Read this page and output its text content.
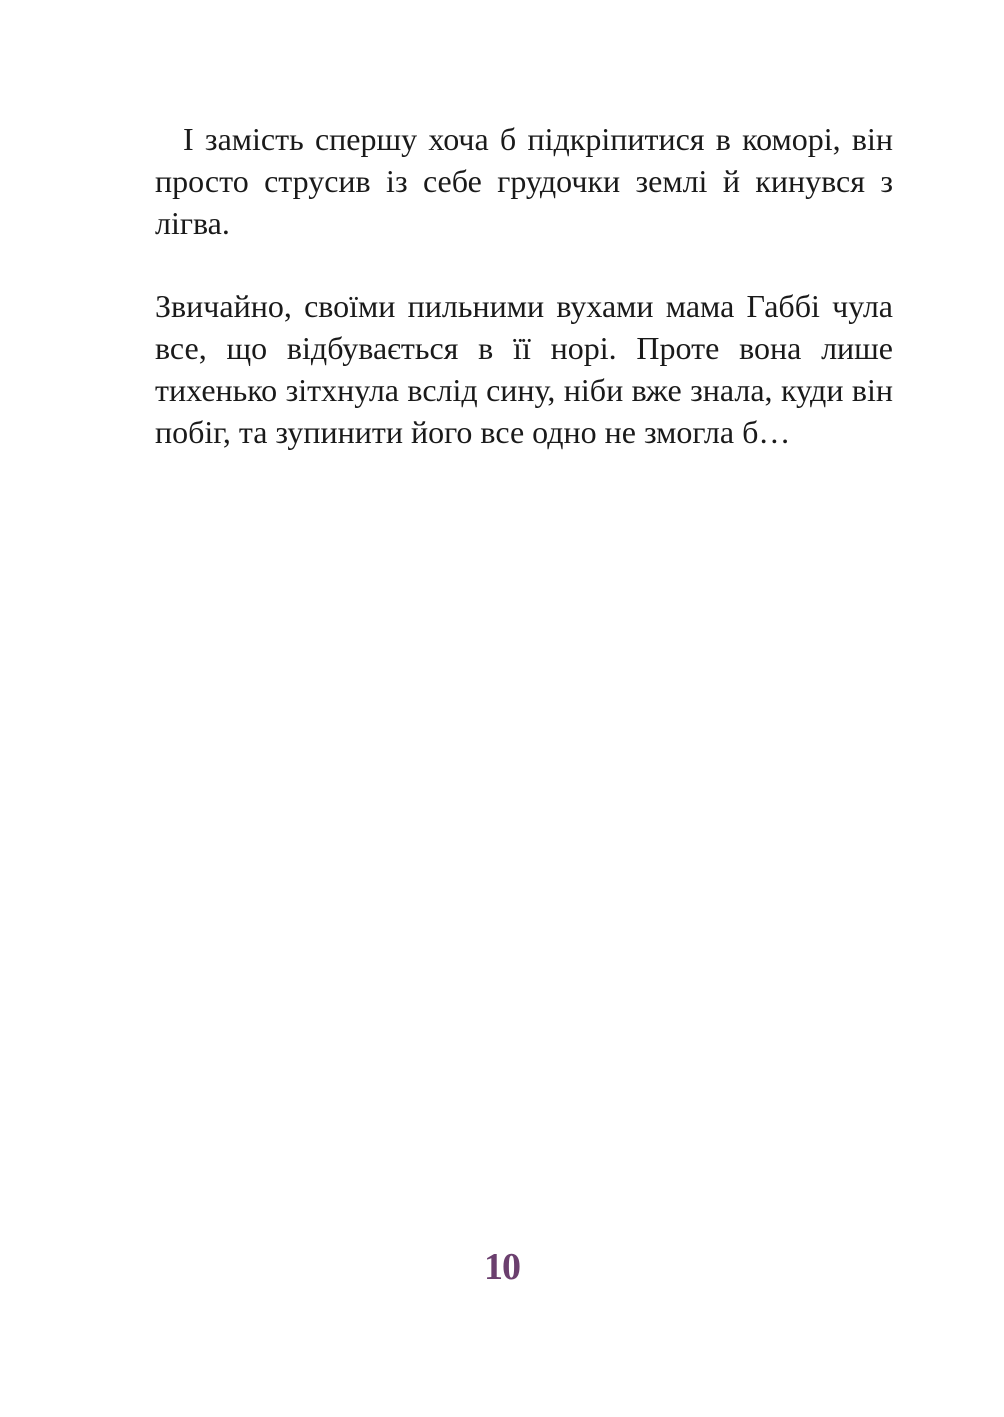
І замість спершу хоча б підкріпитися в коморі, він просто струсив із себе грудочки землі й кинувся з лігва.

Звичайно, своїми пильними вухами мама Габбі чула все, що відбувається в її норі. Проте вона лише тихенько зітхнула вслід сину, ніби вже знала, куди він побіг, та зупинити його все одно не змогла б…

10
